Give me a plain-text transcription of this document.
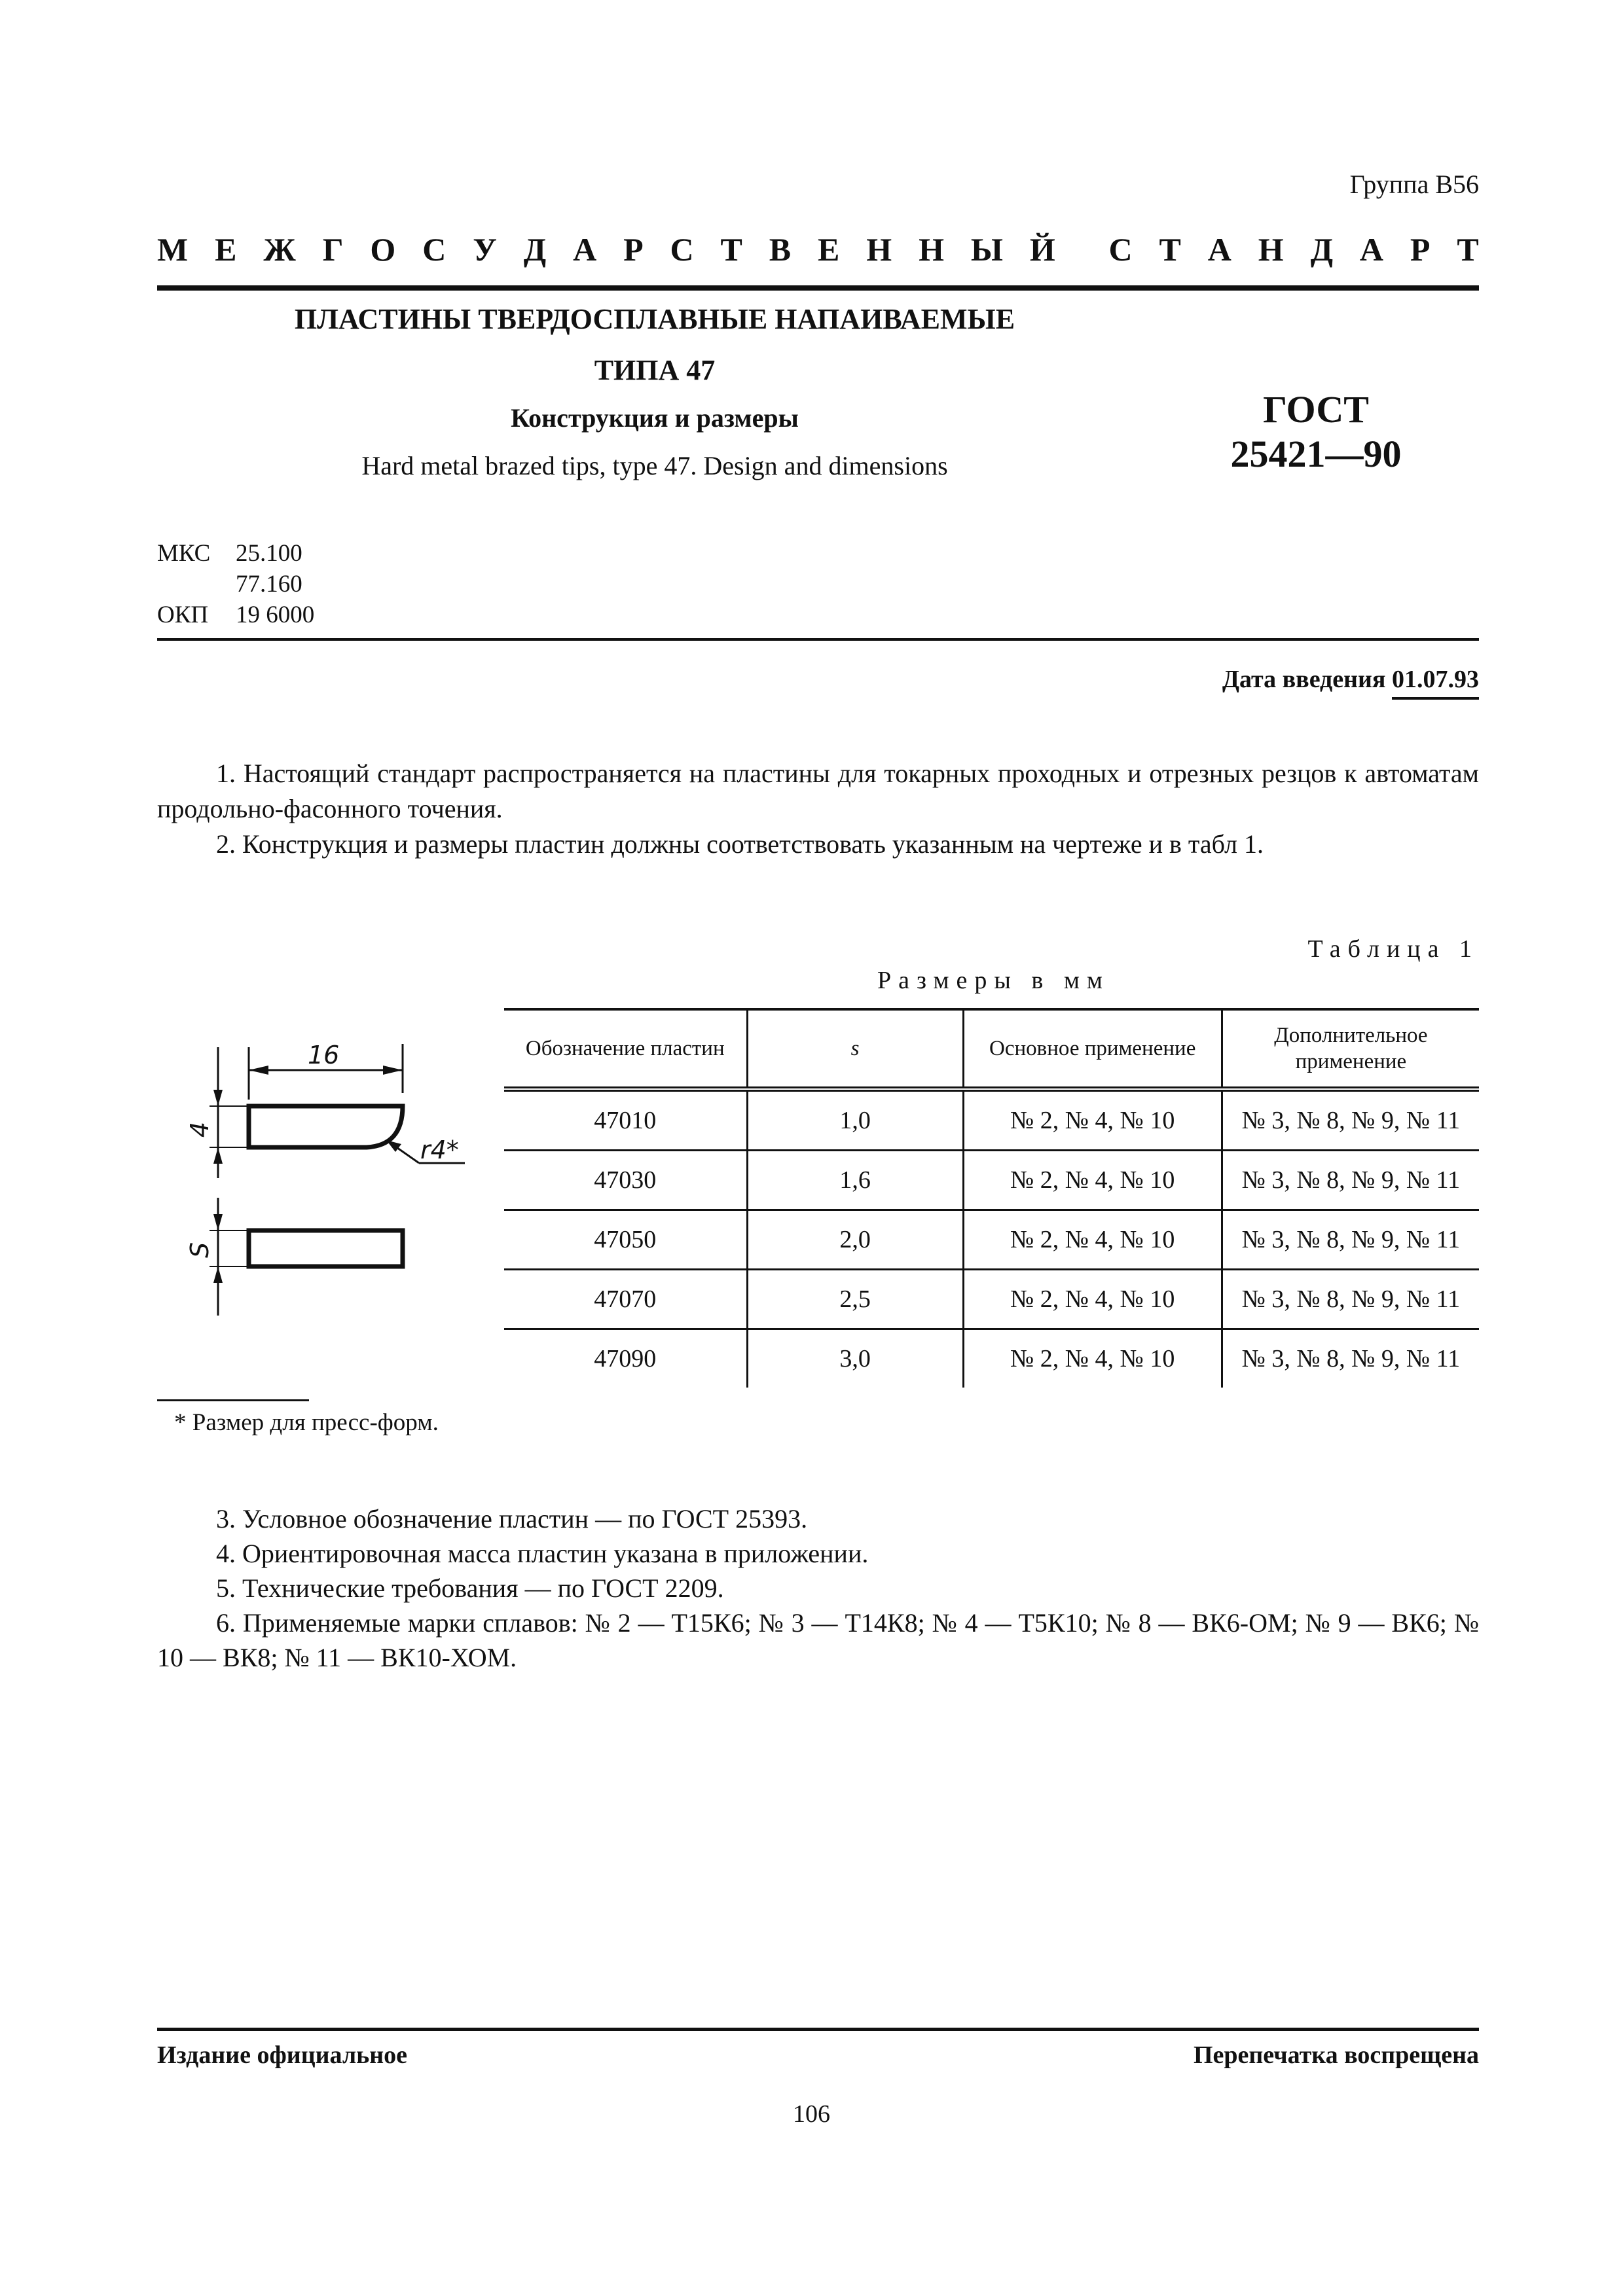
Группа В56
М Е Ж Г О С У Д А Р С Т В Е Н Н Ы Й С Т А Н Д А Р Т
ПЛАСТИНЫ ТВЕРДОСПЛАВНЫЕ НАПАИВАЕМЫЕ
ТИПА 47
Конструкция и размеры
Hard metal brazed tips, type 47. Design and dimensions
ГОСТ
25421—90
МКС	25.100
77.160
ОКП	19 6000
Дата введения 01.07.93
1. Настоящий стандарт распространяется на пластины для токарных проходных и отрезных резцов к автоматам продольно-фасонного точения.
2. Конструкция и размеры пластин должны соответствовать указанным на чертеже и в табл 1.
Таблица 1
Размеры в мм
16
4
r4*
S
Обозначение пластин	s	Основное применение	Дополнительное применение
47010	1,0	№ 2, № 4, № 10	№ 3, № 8, № 9, № 11
47030	1,6	№ 2, № 4, № 10	№ 3, № 8, № 9, № 11
47050	2,0	№ 2, № 4, № 10	№ 3, № 8, № 9, № 11
47070	2,5	№ 2, № 4, № 10	№ 3, № 8, № 9, № 11
47090	3,0	№ 2, № 4, № 10	№ 3, № 8, № 9, № 11
* Размер для пресс-форм.
3. Условное обозначение пластин — по ГОСТ 25393.
4. Ориентировочная масса пластин указана в приложении.
5. Технические требования — по ГОСТ 2209.
6. Применяемые марки сплавов: № 2 — Т15К6; № 3 — Т14К8; № 4 — Т5К10; № 8 — ВК6-ОМ; № 9 — ВК6; № 10 — ВК8; № 11 — ВК10-ХОМ.
Издание официальное	Перепечатка воспрещена
106
